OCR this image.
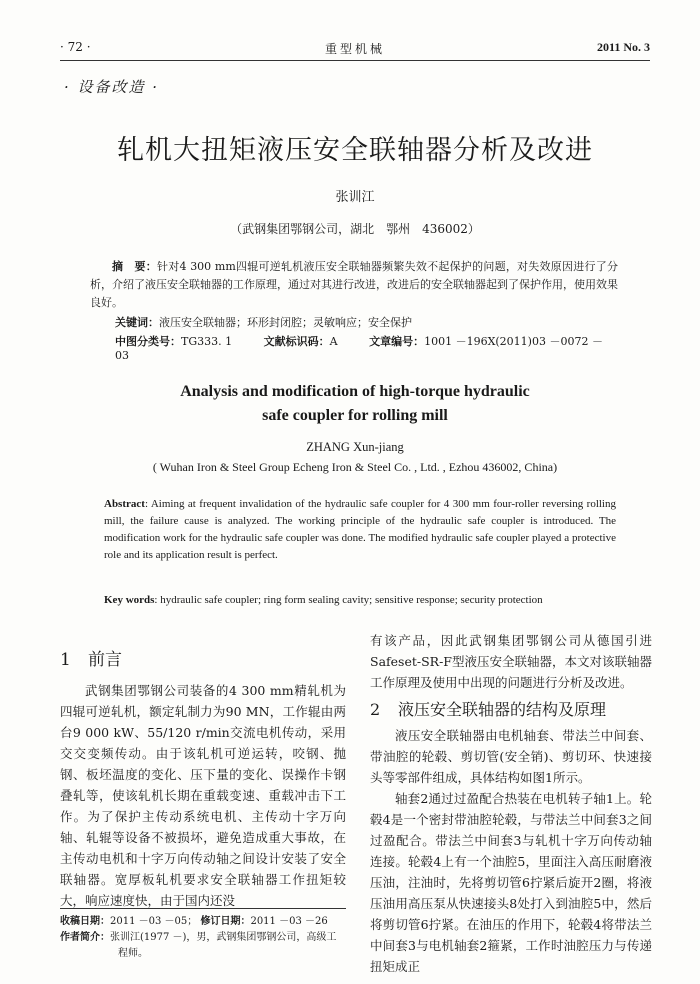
· 72 ·	重型机械	2011 No. 3
· 设备改造 ·
轧机大扭矩液压安全联轴器分析及改进
张训江
（武钢集团鄂钢公司，湖北　鄂州　436002）

摘　要：针对4 300 mm四辊可逆轧机液压安全联轴器频繁失效不起保护的问题，对失效原因进行了分析，介绍了液压安全联轴器的工作原理，通过对其进行改进，改进后的安全联轴器起到了保护作用，使用效果良好。

关键词：液压安全联轴器；环形封闭腔；灵敏响应；安全保护
中图分类号：TG333. 1	文献标识码：A	文章编号：1001 －196X(2011)03 －0072 －03
Analysis and modification of high-torque hydraulic
safe coupler for rolling mill
ZHANG Xun-jiang
( Wuhan Iron & Steel Group Echeng Iron & Steel Co. , Ltd. , Ezhou 436002, China)

Abstract: Aiming at frequent invalidation of the hydraulic safe coupler for 4 300 mm four-roller reversing rolling mill, the failure cause is analyzed. The working principle of the hydraulic safe coupler is introduced. The modification work for the hydraulic safe coupler was done. The modified hydraulic safe coupler played a protective role and its application result is perfect.

Key words: hydraulic safe coupler; ring form sealing cavity; sensitive response; security protection
1 前言

武钢集团鄂钢公司装备的4 300 mm精轧机为四辊可逆轧机，额定轧制力为90 MN，工作辊由两台9 000 kW、55/120 r/min交流电机传动，采用交交变频传动。由于该轧机可逆运转，咬钢、抛钢、板坯温度的变化、压下量的变化、误操作卡钢叠轧等，使该轧机长期在重载变速、重载冲击下工作。为了保护主传动系统电机、主传动十字万向轴、轧辊等设备不被损坏，避免造成重大事故，在主传动电机和十字万向传动轴之间设计安装了安全联轴器。宽厚板轧机要求安全联轴器工作扭矩较大，响应速度快，由于国内还没

有该产品，因此武钢集团鄂钢公司从德国引进Safeset-SR-F型液压安全联轴器，本文对该联轴器工作原理及使用中出现的问题进行分析及改进。

2 液压安全联轴器的结构及原理

液压安全联轴器由电机轴套、带法兰中间套、带油腔的轮毂、剪切管(安全销)、剪切环、快速接头等零部件组成，具体结构如图1所示。

轴套2通过过盈配合热装在电机转子轴1上。轮毂4是一个密封带油腔轮毂，与带法兰中间套3之间过盈配合。带法兰中间套3与轧机十字万向传动轴连接。轮毂4上有一个油腔5，里面注入高压耐磨液压油，注油时，先将剪切管6拧紧后旋开2圈，将液压油用高压泵从快速接头8处打入到油腔5中，然后将剪切管6拧紧。在油压的作用下，轮毂4将带法兰中间套3与电机轴套2箍紧，工作时油腔压力与传递扭矩成正

收稿日期：2011 －03 －05； 修订日期：2011 －03 －26

作者简介：张训江(1977 －)，男，武钢集团鄂钢公司，高级工

程师。
